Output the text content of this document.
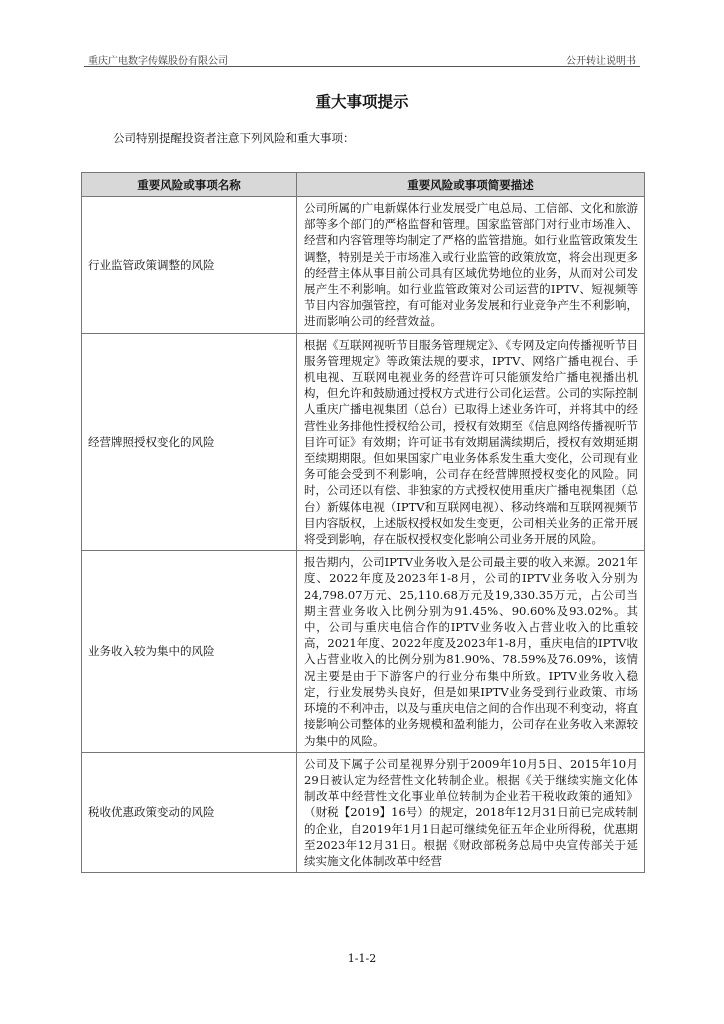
重庆广电数字传媒股份有限公司	公开转让说明书
重大事项提示
公司特别提醒投资者注意下列风险和重大事项：
重要风险或事项名称	重要风险或事项简要描述
行业监管政策调整的风险	公司所属的广电新媒体行业发展受广电总局、工信部、文化和旅游部等多个部门的严格监督和管理。国家监管部门对行业市场准入、经营和内容管理等均制定了严格的监管措施。如行业监管政策发生调整，特别是关于市场准入或行业监管的政策放宽，将会出现更多的经营主体从事目前公司具有区域优势地位的业务，从而对公司发展产生不利影响。如行业监管政策对公司运营的IPTV、短视频等节目内容加强管控，有可能对业务发展和行业竞争产生不利影响，进而影响公司的经营效益。
经营牌照授权变化的风险	根据《互联网视听节目服务管理规定》、《专网及定向传播视听节目服务管理规定》等政策法规的要求，IPTV、网络广播电视台、手机电视、互联网电视业务的经营许可只能颁发给广播电视播出机构，但允许和鼓励通过授权方式进行公司化运营。公司的实际控制人重庆广播电视集团（总台）已取得上述业务许可，并将其中的经营性业务排他性授权给公司，授权有效期至《信息网络传播视听节目许可证》有效期；许可证书有效期届满续期后，授权有效期延期至续期期限。但如果国家广电业务体系发生重大变化，公司现有业务可能会受到不利影响，公司存在经营牌照授权变化的风险。同时，公司还以有偿、非独家的方式授权使用重庆广播电视集团（总台）新媒体电视（IPTV和互联网电视）、移动终端和互联网视频节目内容版权，上述版权授权如发生变更，公司相关业务的正常开展将受到影响，存在版权授权变化影响公司业务开展的风险。
业务收入较为集中的风险	报告期内，公司IPTV业务收入是公司最主要的收入来源。2021年度、2022年度及2023年1-8月，公司的IPTV业务收入分别为24,798.07万元、25,110.68万元及19,330.35万元，占公司当期主营业务收入比例分别为91.45%、90.60%及93.02%。其中，公司与重庆电信合作的IPTV业务收入占营业收入的比重较高，2021年度、2022年度及2023年1-8月，重庆电信的IPTV收入占营业收入的比例分别为81.90%、78.59%及76.09%，该情况主要是由于下游客户的行业分布集中所致。IPTV业务收入稳定，行业发展势头良好，但是如果IPTV业务受到行业政策、市场环境的不利冲击，以及与重庆电信之间的合作出现不利变动，将直接影响公司整体的业务规模和盈利能力，公司存在业务收入来源较为集中的风险。
税收优惠政策变动的风险	公司及下属子公司星视界分别于2009年10月5日、2015年10月29日被认定为经营性文化转制企业。根据《关于继续实施文化体制改革中经营性文化事业单位转制为企业若干税收政策的通知》（财税【2019】16号）的规定，2018年12月31日前已完成转制的企业，自2019年1月1日起可继续免征五年企业所得税，优惠期至2023年12月31日。根据《财政部税务总局中央宣传部关于延续实施文化体制改革中经营
1-1-2
